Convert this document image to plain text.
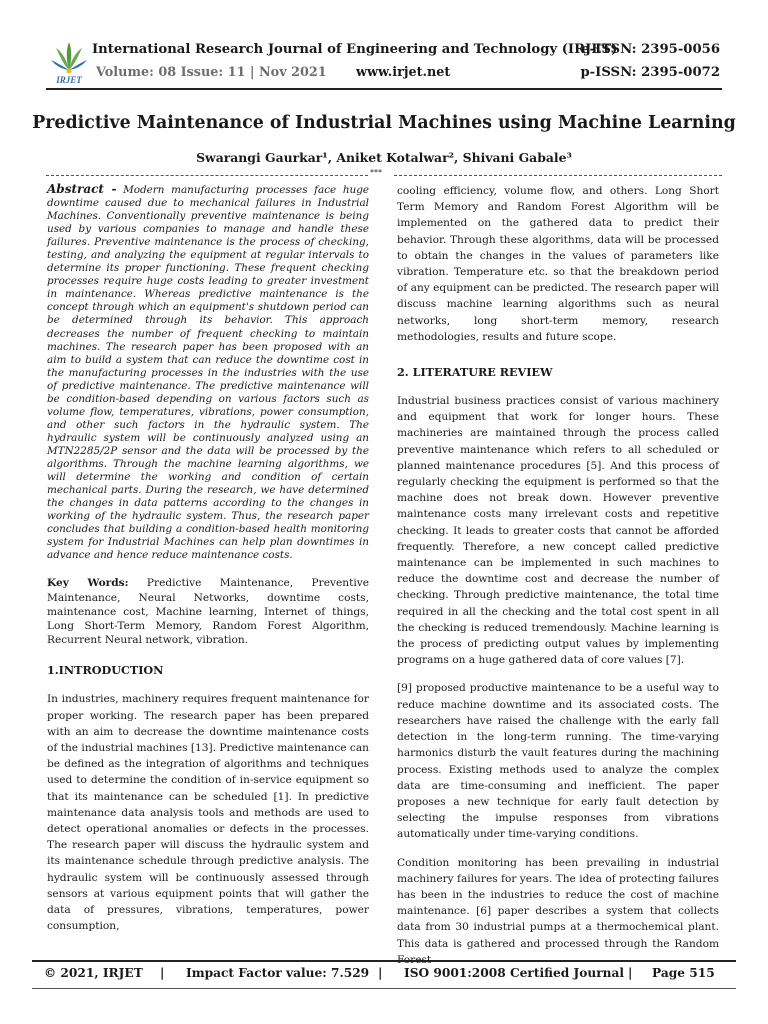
IRJET
International Research Journal of Engineering and Technology (IRJET)
Volume: 08 Issue: 11 | Nov 2021 www.irjet.net
e-ISSN: 2395-0056
p-ISSN: 2395-0072
Predictive Maintenance of Industrial Machines using Machine Learning
Swarangi Gaurkar¹, Aniket Kotalwar², Shivani Gabale³
***

Abstract - Modern manufacturing processes face huge downtime caused due to mechanical failures in Industrial Machines. Conventionally preventive maintenance is being used by various companies to manage and handle these failures. Preventive maintenance is the process of checking, testing, and analyzing the equipment at regular intervals to determine its proper functioning. These frequent checking processes require huge costs leading to greater investment in maintenance. Whereas predictive maintenance is the concept through which an equipment's shutdown period can be determined through its behavior. This approach decreases the number of frequent checking to maintain machines. The research paper has been proposed with an aim to build a system that can reduce the downtime cost in the manufacturing processes in the industries with the use of predictive maintenance. The predictive maintenance will be condition-based depending on various factors such as volume flow, temperatures, vibrations, power consumption, and other such factors in the hydraulic system. The hydraulic system will be continuously analyzed using an MTN2285/2P sensor and the data will be processed by the algorithms. Through the machine learning algorithms, we will determine the working and condition of certain mechanical parts. During the research, we have determined the changes in data patterns according to the changes in working of the hydraulic system. Thus, the research paper concludes that building a condition-based health monitoring system for Industrial Machines can help plan downtimes in advance and hence reduce maintenance costs.

Key Words: Predictive Maintenance, Preventive Maintenance, Neural Networks, downtime costs, maintenance cost, Machine learning, Internet of things, Long Short-Term Memory, Random Forest Algorithm, Recurrent Neural network, vibration.

1.INTRODUCTION

In industries, machinery requires frequent maintenance for proper working. The research paper has been prepared with an aim to decrease the downtime maintenance costs of the industrial machines [13]. Predictive maintenance can be defined as the integration of algorithms and techniques used to determine the condition of in-service equipment so that its maintenance can be scheduled [1]. In predictive maintenance data analysis tools and methods are used to detect operational anomalies or defects in the processes. The research paper will discuss the hydraulic system and its maintenance schedule through predictive analysis. The hydraulic system will be continuously assessed through sensors at various equipment points that will gather the data of pressures, vibrations, temperatures, power consumption,

cooling efficiency, volume flow, and others. Long Short Term Memory and Random Forest Algorithm will be implemented on the gathered data to predict their behavior. Through these algorithms, data will be processed to obtain the changes in the values of parameters like vibration. Temperature etc. so that the breakdown period of any equipment can be predicted. The research paper will discuss machine learning algorithms such as neural networks, long short-term memory, research methodologies, results and future scope.

2. LITERATURE REVIEW

Industrial business practices consist of various machinery and equipment that work for longer hours. These machineries are maintained through the process called preventive maintenance which refers to all scheduled or planned maintenance procedures [5]. And this process of regularly checking the equipment is performed so that the machine does not break down. However preventive maintenance costs many irrelevant costs and repetitive checking. It leads to greater costs that cannot be afforded frequently. Therefore, a new concept called predictive maintenance can be implemented in such machines to reduce the downtime cost and decrease the number of checking. Through predictive maintenance, the total time required in all the checking and the total cost spent in all the checking is reduced tremendously. Machine learning is the process of predicting output values by implementing programs on a huge gathered data of core values [7].

[9] proposed productive maintenance to be a useful way to reduce machine downtime and its associated costs. The researchers have raised the challenge with the early fall detection in the long-term running. The time-varying harmonics disturb the vault features during the machining process. Existing methods used to analyze the complex data are time-consuming and inefficient. The paper proposes a new technique for early fault detection by selecting the impulse responses from vibrations automatically under time-varying conditions.

Condition monitoring has been prevailing in industrial machinery failures for years. The idea of protecting failures has been in the industries to reduce the cost of machine maintenance. [6] paper describes a system that collects data from 30 industrial pumps at a thermochemical plant. This data is gathered and processed through the Random

© 2021, IRJET | Impact Factor value: 7.529 | ISO 9001:2008 Certified Journal | Page 515
